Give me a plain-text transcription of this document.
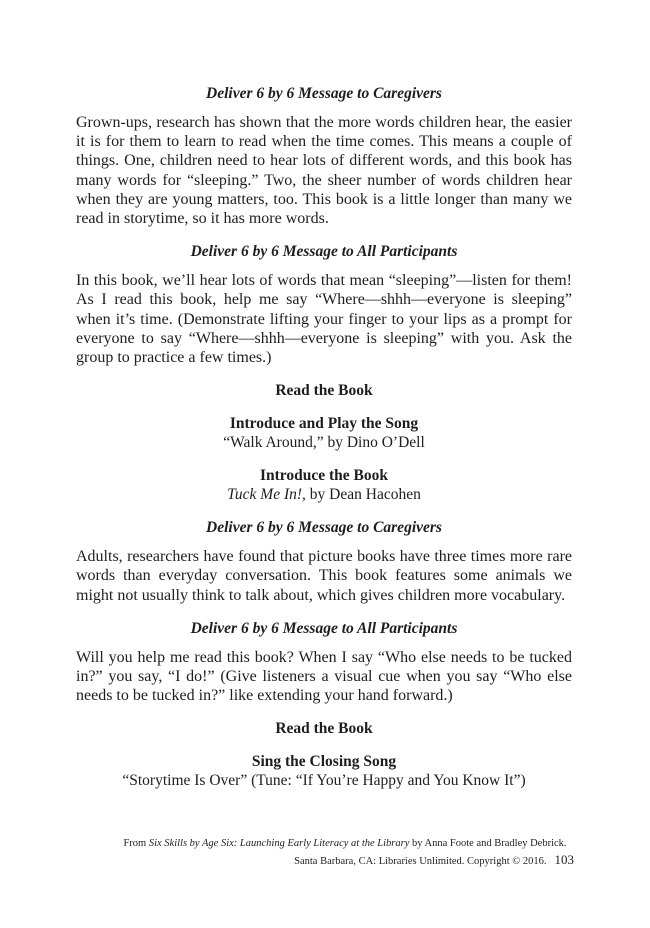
Deliver 6 by 6 Message to Caregivers

Grown-ups, research has shown that the more words children hear, the easier it is for them to learn to read when the time comes. This means a couple of things. One, children need to hear lots of different words, and this book has many words for “sleeping.” Two, the sheer number of words children hear when they are young matters, too. This book is a little longer than many we read in storytime, so it has more words.

Deliver 6 by 6 Message to All Participants

In this book, we’ll hear lots of words that mean “sleeping”—listen for them! As I read this book, help me say “Where—shhh—everyone is sleeping” when it’s time. (Demonstrate lifting your finger to your lips as a prompt for everyone to say “Where—shhh—everyone is sleeping” with you. Ask the group to practice a few times.)

Read the Book

Introduce and Play the Song

“Walk Around,” by Dino O’Dell

Introduce the Book

Tuck Me In!, by Dean Hacohen

Deliver 6 by 6 Message to Caregivers

Adults, researchers have found that picture books have three times more rare words than everyday conversation. This book features some animals we might not usually think to talk about, which gives children more vocabulary.

Deliver 6 by 6 Message to All Participants

Will you help me read this book? When I say “Who else needs to be tucked in?” you say, “I do!” (Give listeners a visual cue when you say “Who else needs to be tucked in?” like extending your hand forward.)

Read the Book

Sing the Closing Song

“Storytime Is Over” (Tune: “If You’re Happy and You Know It”)

From Six Skills by Age Six: Launching Early Literacy at the Library by Anna Foote and Bradley Debrick.
Santa Barbara, CA: Libraries Unlimited. Copyright © 2016. 103
